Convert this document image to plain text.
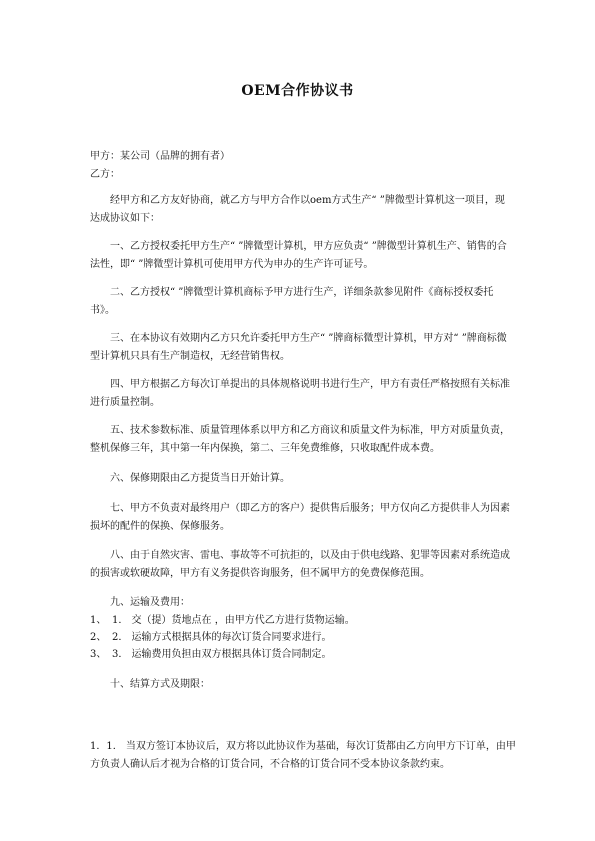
OEM合作协议书
甲方：某公司（品牌的拥有者）
乙方：
经甲方和乙方友好协商，就乙方与甲方合作以oem方式生产“ ”牌微型计算机这一项目，现达成协议如下：
一、乙方授权委托甲方生产“ ”牌微型计算机，甲方应负责“ ”牌微型计算机生产、销售的合法性，即“ ”牌微型计算机可使用甲方代为申办的生产许可证号。
二、乙方授权“ ”牌微型计算机商标予甲方进行生产，详细条款参见附件《商标授权委托书》。
三、在本协议有效期内乙方只允许委托甲方生产“ ”牌商标微型计算机，甲方对“ ”牌商标微型计算机只具有生产制造权，无经营销售权。
四、甲方根据乙方每次订单提出的具体规格说明书进行生产，甲方有责任严格按照有关标准进行质量控制。
五、技术参数标准、质量管理体系以甲方和乙方商议和质量文件为标准，甲方对质量负责，整机保修三年，其中第一年内保换，第二、三年免费维修，只收取配件成本费。
六、保修期限由乙方提货当日开始计算。
七、甲方不负责对最终用户（即乙方的客户）提供售后服务；甲方仅向乙方提供非人为因素损坏的配件的保换、保修服务。
八、由于自然灾害、雷电、事故等不可抗拒的，以及由于供电线路、犯罪等因素对系统造成的损害或软硬故障，甲方有义务提供咨询服务，但不属甲方的免费保修范围。
九、运输及费用：
1、 1． 交（提）货地点在 ，由甲方代乙方进行货物运输。
2、 2． 运输方式根据具体的每次订货合同要求进行。
3、 3． 运输费用负担由双方根据具体订货合同制定。
十、结算方式及期限：
1．1． 当双方签订本协议后，双方将以此协议作为基础，每次订货都由乙方向甲方下订单，由甲方负责人确认后才视为合格的订货合同，不合格的订货合同不受本协议条款约束。
